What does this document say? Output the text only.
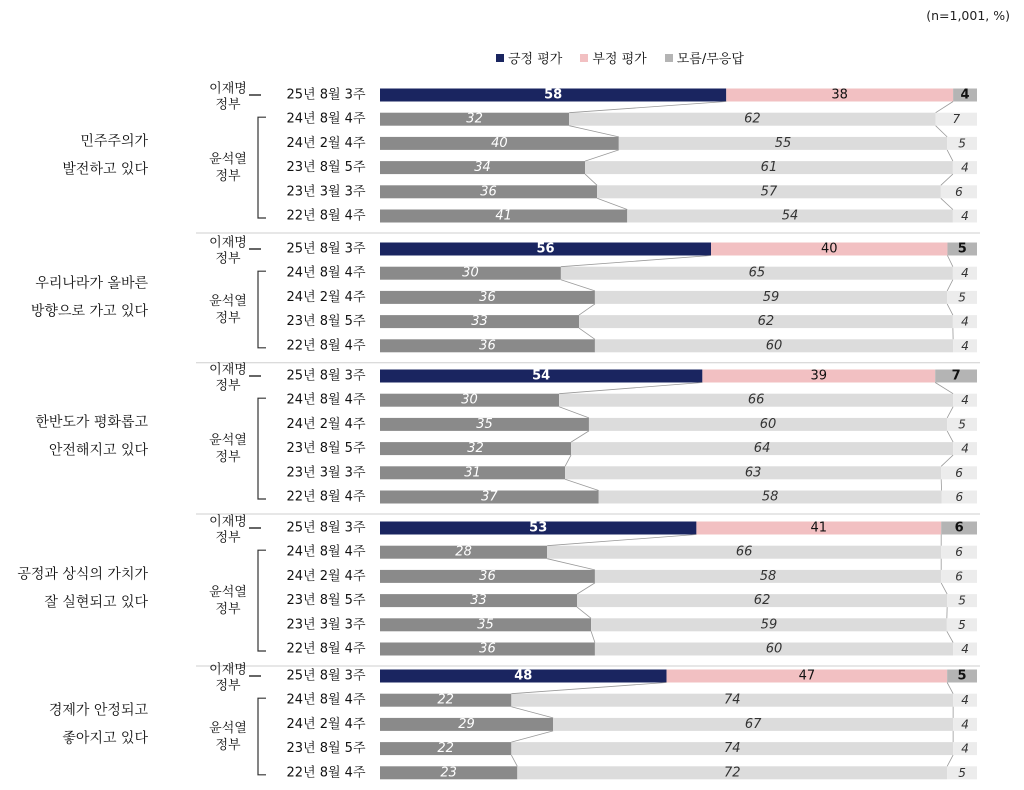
(n=1,001, %)
긍정 평가 부정 평가 모름/무응답
민주주의가
발전하고 있다
이재명
정부
윤석열
정부
25년 8월 3주	58	38	4
24년 8월 4주	32	62	7
24년 2월 4주	40	55	5
23년 8월 5주	34	61	4
23년 3월 3주	36	57	6
22년 8월 4주	41	54	4
우리나라가 올바른
방향으로 가고 있다
이재명
정부
윤석열
정부
25년 8월 3주	56	40	5
24년 8월 4주	30	65	4
24년 2월 4주	36	59	5
23년 8월 5주	33	62	4
22년 8월 4주	36	60	4
한반도가 평화롭고
안전해지고 있다
이재명
정부
윤석열
정부
25년 8월 3주	54	39	7
24년 8월 4주	30	66	4
24년 2월 4주	35	60	5
23년 8월 5주	32	64	4
23년 3월 3주	31	63	6
22년 8월 4주	37	58	6
공정과 상식의 가치가
잘 실현되고 있다
이재명
정부
윤석열
정부
25년 8월 3주	53	41	6
24년 8월 4주	28	66	6
24년 2월 4주	36	58	6
23년 8월 5주	33	62	5
23년 3월 3주	35	59	5
22년 8월 4주	36	60	4
경제가 안정되고
좋아지고 있다
이재명
정부
윤석열
정부
25년 8월 3주	48	47	5
24년 8월 4주	22	74	4
24년 2월 4주	29	67	4
23년 8월 5주	22	74	4
22년 8월 4주	23	72	5
